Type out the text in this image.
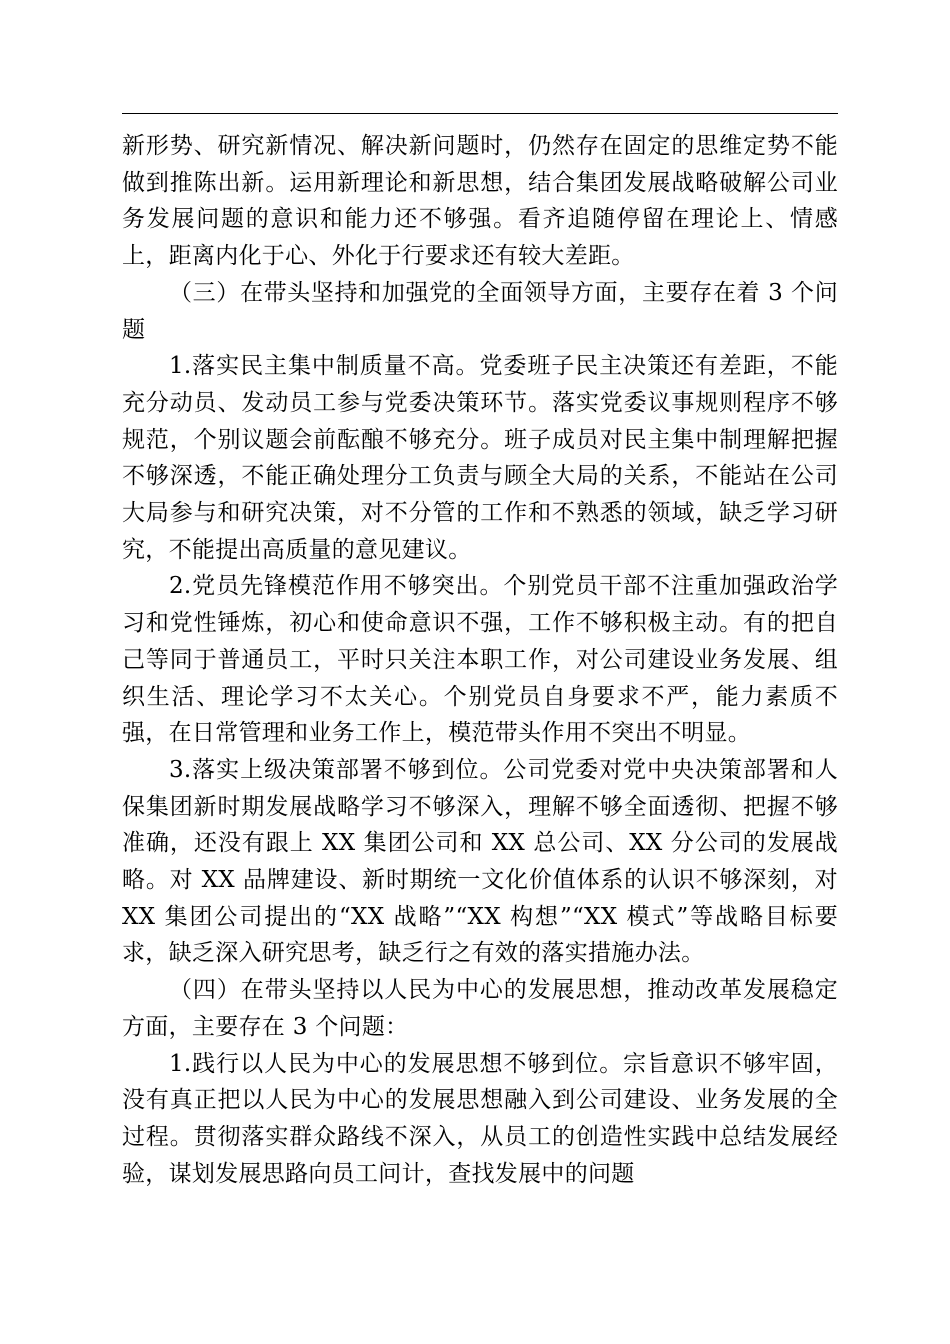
新形势、研究新情况、解决新问题时，仍然存在固定的思维定势不能做到推陈出新。运用新理论和新思想，结合集团发展战略破解公司业务发展问题的意识和能力还不够强。看齐追随停留在理论上、情感上，距离内化于心、外化于行要求还有较大差距。

（三）在带头坚持和加强党的全面领导方面，主要存在着 3 个问题

1.落实民主集中制质量不高。党委班子民主决策还有差距，不能充分动员、发动员工参与党委决策环节。落实党委议事规则程序不够规范，个别议题会前酝酿不够充分。班子成员对民主集中制理解把握不够深透，不能正确处理分工负责与顾全大局的关系，不能站在公司大局参与和研究决策，对不分管的工作和不熟悉的领域，缺乏学习研究，不能提出高质量的意见建议。

2.党员先锋模范作用不够突出。个别党员干部不注重加强政治学习和党性锤炼，初心和使命意识不强，工作不够积极主动。有的把自己等同于普通员工，平时只关注本职工作，对公司建设业务发展、组织生活、理论学习不太关心。个别党员自身要求不严，能力素质不强，在日常管理和业务工作上，模范带头作用不突出不明显。

3.落实上级决策部署不够到位。公司党委对党中央决策部署和人保集团新时期发展战略学习不够深入，理解不够全面透彻、把握不够准确，还没有跟上 XX 集团公司和 XX 总公司、XX 分公司的发展战略。对 XX 品牌建设、新时期统一文化价值体系的认识不够深刻，对 XX 集团公司提出的“XX 战略”“XX 构想”“XX 模式”等战略目标要求，缺乏深入研究思考，缺乏行之有效的落实措施办法。

（四）在带头坚持以人民为中心的发展思想，推动改革发展稳定方面，主要存在 3 个问题：

1.践行以人民为中心的发展思想不够到位。宗旨意识不够牢固，没有真正把以人民为中心的发展思想融入到公司建设、业务发展的全过程。贯彻落实群众路线不深入，从员工的创造性实践中总结发展经验，谋划发展思路向员工问计，查找发展中的问题
